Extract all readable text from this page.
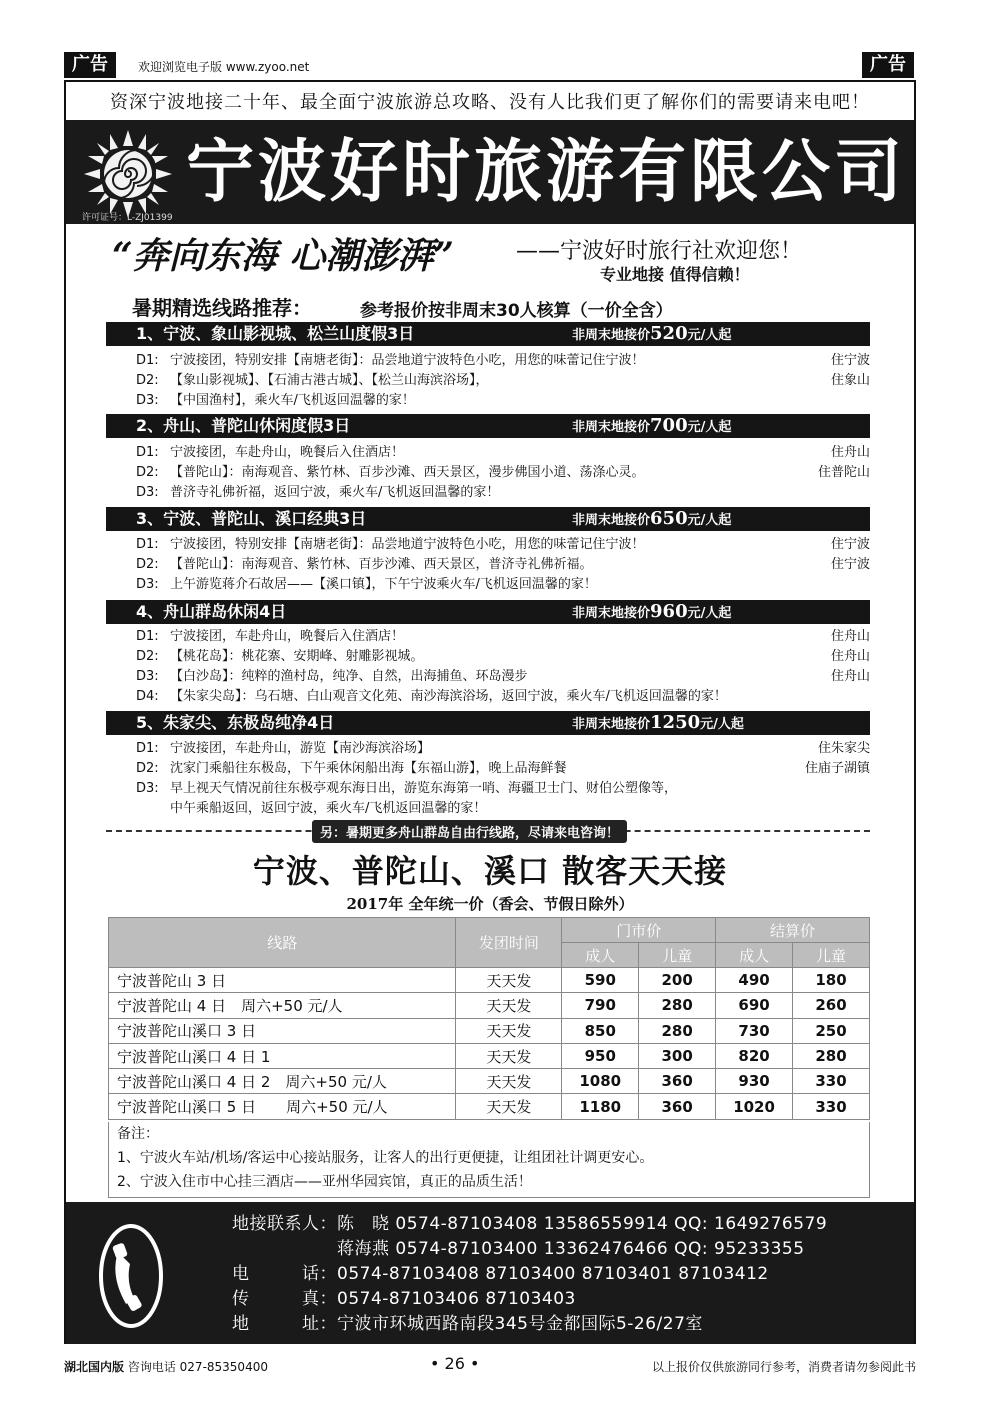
广告	欢迎浏览电子版 www.zyoo.net	广告
资深宁波地接二十年、最全面宁波旅游总攻略、没有人比我们更了解你们的需要请来电吧！
宁波好时旅游有限公司
许可证号：L-ZJ01399
“奔向东海 心潮澎湃”	——宁波好时旅行社欢迎您！
专业地接 值得信赖！
暑期精选线路推荐：	参考报价按非周末30人核算（一价全含）
1、宁波、象山影视城、松兰山度假3日	非周末地接价520元/人起
D1: 宁波接团，特别安排【南塘老街】：品尝地道宁波特色小吃，用您的味蕾记住宁波！	住宁波
D2: 【象山影视城】、【石浦古港古城】、【松兰山海滨浴场】，	住象山
D3: 【中国渔村】，乘火车/飞机返回温馨的家！
2、舟山、普陀山休闲度假3日	非周末地接价700元/人起
D1: 宁波接团，车赴舟山，晚餐后入住酒店！	住舟山
D2: 【普陀山】：南海观音、紫竹林、百步沙滩、西天景区，漫步佛国小道、荡涤心灵。	住普陀山
D3: 普济寺礼佛祈福，返回宁波，乘火车/飞机返回温馨的家！
3、宁波、普陀山、溪口经典3日	非周末地接价650元/人起
D1: 宁波接团，特别安排【南塘老街】：品尝地道宁波特色小吃，用您的味蕾记住宁波！	住宁波
D2: 【普陀山】：南海观音、紫竹林、百步沙滩、西天景区，普济寺礼佛祈福。	住宁波
D3: 上午游览蒋介石故居——【溪口镇】，下午宁波乘火车/飞机返回温馨的家！
4、舟山群岛休闲4日	非周末地接价960元/人起
D1: 宁波接团，车赴舟山，晚餐后入住酒店！	住舟山
D2: 【桃花岛】：桃花寨、安期峰、射雕影视城。	住舟山
D3: 【白沙岛】：纯粹的渔村岛，纯净、自然，出海捕鱼、环岛漫步	住舟山
D4: 【朱家尖岛】：乌石塘、白山观音文化苑、南沙海滨浴场，返回宁波，乘火车/飞机返回温馨的家！
5、朱家尖、东极岛纯净4日	非周末地接价1250元/人起
D1: 宁波接团，车赴舟山，游览【南沙海滨浴场】	住朱家尖
D2: 沈家门乘船往东极岛，下午乘休闲船出海【东福山游】，晚上品海鲜餐	住庙子湖镇
D3: 早上视天气情况前往东极亭观东海日出，游览东海第一哨、海疆卫士门、财伯公塑像等，
中午乘船返回，返回宁波，乘火车/飞机返回温馨的家！
另：暑期更多舟山群岛自由行线路，尽请来电咨询！
宁波、普陀山、溪口 散客天天接
2017年 全年统一价（香会、节假日除外）
线路	发团时间	门市价		结算价	
		成人	儿童	成人	儿童
宁波普陀山 3 日	天天发	590	200	490	180
宁波普陀山 4 日　周六+50 元/人	天天发	790	280	690	260
宁波普陀山溪口 3 日	天天发	850	280	730	250
宁波普陀山溪口 4 日 1	天天发	950	300	820	280
宁波普陀山溪口 4 日 2　周六+50 元/人	天天发	1080	360	930	330
宁波普陀山溪口 5 日　　周六+50 元/人	天天发	1180	360	1020	330
备注：
1、宁波火车站/机场/客运中心接站服务，让客人的出行更便捷，让组团社计调更安心。
2、宁波入住市中心挂三酒店——亚州华园宾馆，真正的品质生活！
地接联系人：陈　晓 0574-87103408 13586559914 QQ: 1649276579
　　　　　　蒋海燕 0574-87103400 13362476466 QQ: 95233355
电　　　话：0574-87103408 87103400 87103401 87103412
传　　　真：0574-87103406 87103403
地　　　址：宁波市环城西路南段345号金都国际5-26/27室
湖北国内版 咨询电话 027-85350400	• 26 •	以上报价仅供旅游同行参考，消费者请勿参阅此书
